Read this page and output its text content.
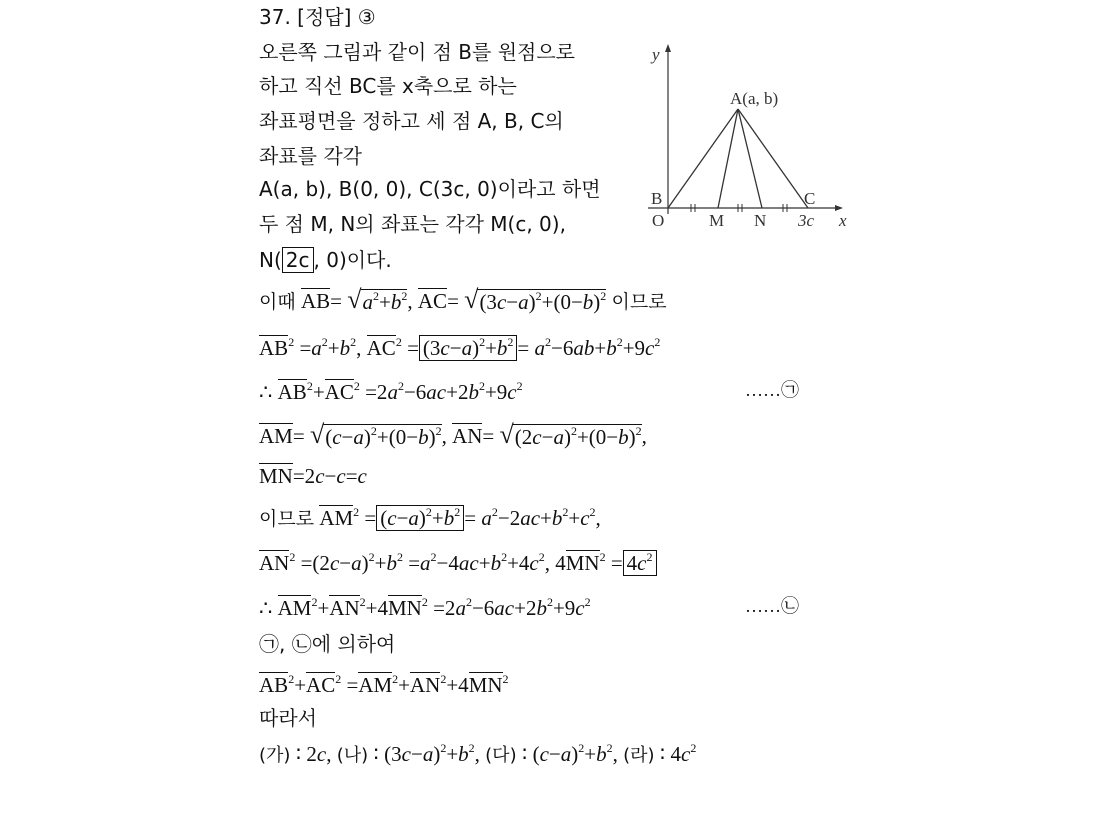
37. [정답] ③
오른쪽 그림과 같이 점 B를 원점으로
하고 직선 BC를 x축으로 하는
좌표평면을 정하고 세 점 A, B, C의
좌표를 각각
A(a, b), B(0, 0), C(3c, 0)이라고 하면
두 점 M, N의 좌표는 각각 M(c, 0),
N( 2c , 0)이다.
y
x
A(a, b)
B	C
O	M N 3c
이때 AB= √ $a^2+b^2$ , AC= √ $(3c-a)^2+(0-b)^2$ 이므로
$AB^2 =a^2+b^2$, $AC^2 = (3c-a)^2+b^2 = a^2-6ab+b^2+9c^2$
∴ $AB^2+AC^2 =2a^2-6ac+2b^2+9c^2$	……㉠
AM= √ $(c-a)^2+(0-b)^2$ , AN= √ $(2c-a)^2+(0-b)^2$ ,
MN=2c−c=c
이므로 $AM^2 = (c-a)^2+b^2 = a^2-2ac+b^2+c^2$,
$AN^2 =(2c-a)^2+b^2 =a^2-4ac+b^2+4c^2$, $4MN^2 = 4c^2$
∴ $AM^2+AN^2+4MN^2 =2a^2-6ac+2b^2+9c^2$	……㉡
㉠, ㉡에 의하여
$AB^2+AC^2 =AM^2+AN^2+4MN^2$
따라서
(가) ∶ 2c, (나) ∶ $(3c-a)^2+b^2$, (다) ∶ $(c-a)^2+b^2$, (라) ∶ $4c^2$
